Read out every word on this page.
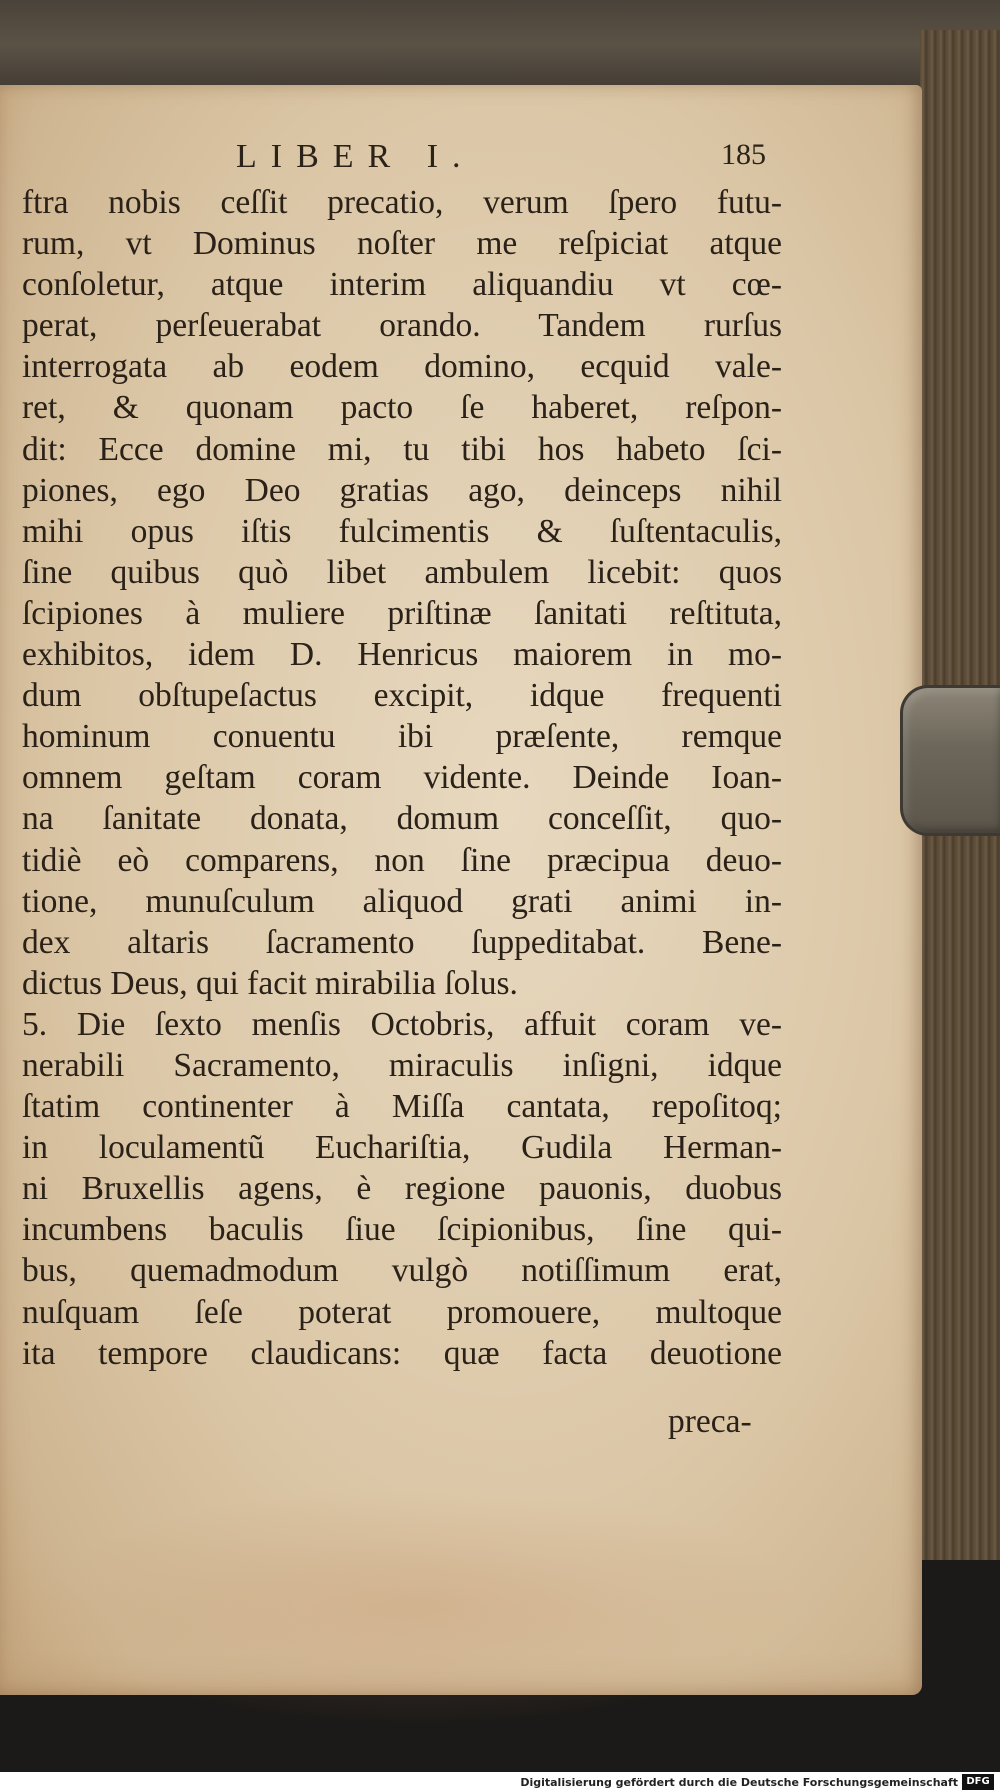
LIBER I.	185
ftra nobis ceſſit precatio, verum ſpero futu-
rum, vt Dominus noſter me reſpiciat atque
conſoletur, atque interim aliquandiu vt cœ-
perat, perſeuerabat orando. Tandem rurſus
interrogata ab eodem domino, ecquid vale-
ret, & quonam pacto ſe haberet, reſpon-
dit: Ecce domine mi, tu tibi hos habeto ſci-
piones, ego Deo gratias ago, deinceps nihil
mihi opus iſtis fulcimentis & ſuſtentaculis,
ſine quibus quò libet ambulem licebit: quos
ſcipiones à muliere priſtinæ ſanitati reſtituta,
exhibitos, idem D. Henricus maiorem in mo-
dum obſtupeſactus excipit, idque frequenti
hominum conuentu ibi præſente, remque
omnem geſtam coram vidente. Deinde Ioan-
na ſanitate donata, domum conceſſit, quo-
tidiè eò comparens, non ſine præcipua deuo-
tione, munuſculum aliquod grati animi in-
dex altaris ſacramento ſuppeditabat. Bene-
dictus Deus, qui facit mirabilia ſolus.
5. Die ſexto menſis Octobris, affuit coram ve-
nerabili Sacramento, miraculis inſigni, idque
ſtatim continenter à Miſſa cantata, repoſitoq;
in loculamentũ Euchariſtia, Gudila Herman-
ni Bruxellis agens, è regione pauonis, duobus
incumbens baculis ſiue ſcipionibus, ſine qui-
bus, quemadmodum vulgò notiſſimum erat,
nuſquam ſeſe poterat promouere, multoque
ita tempore claudicans: quæ facta deuotione
preca-
Digitalisierung gefördert durch die Deutsche Forschungsgemeinschaft DFG
